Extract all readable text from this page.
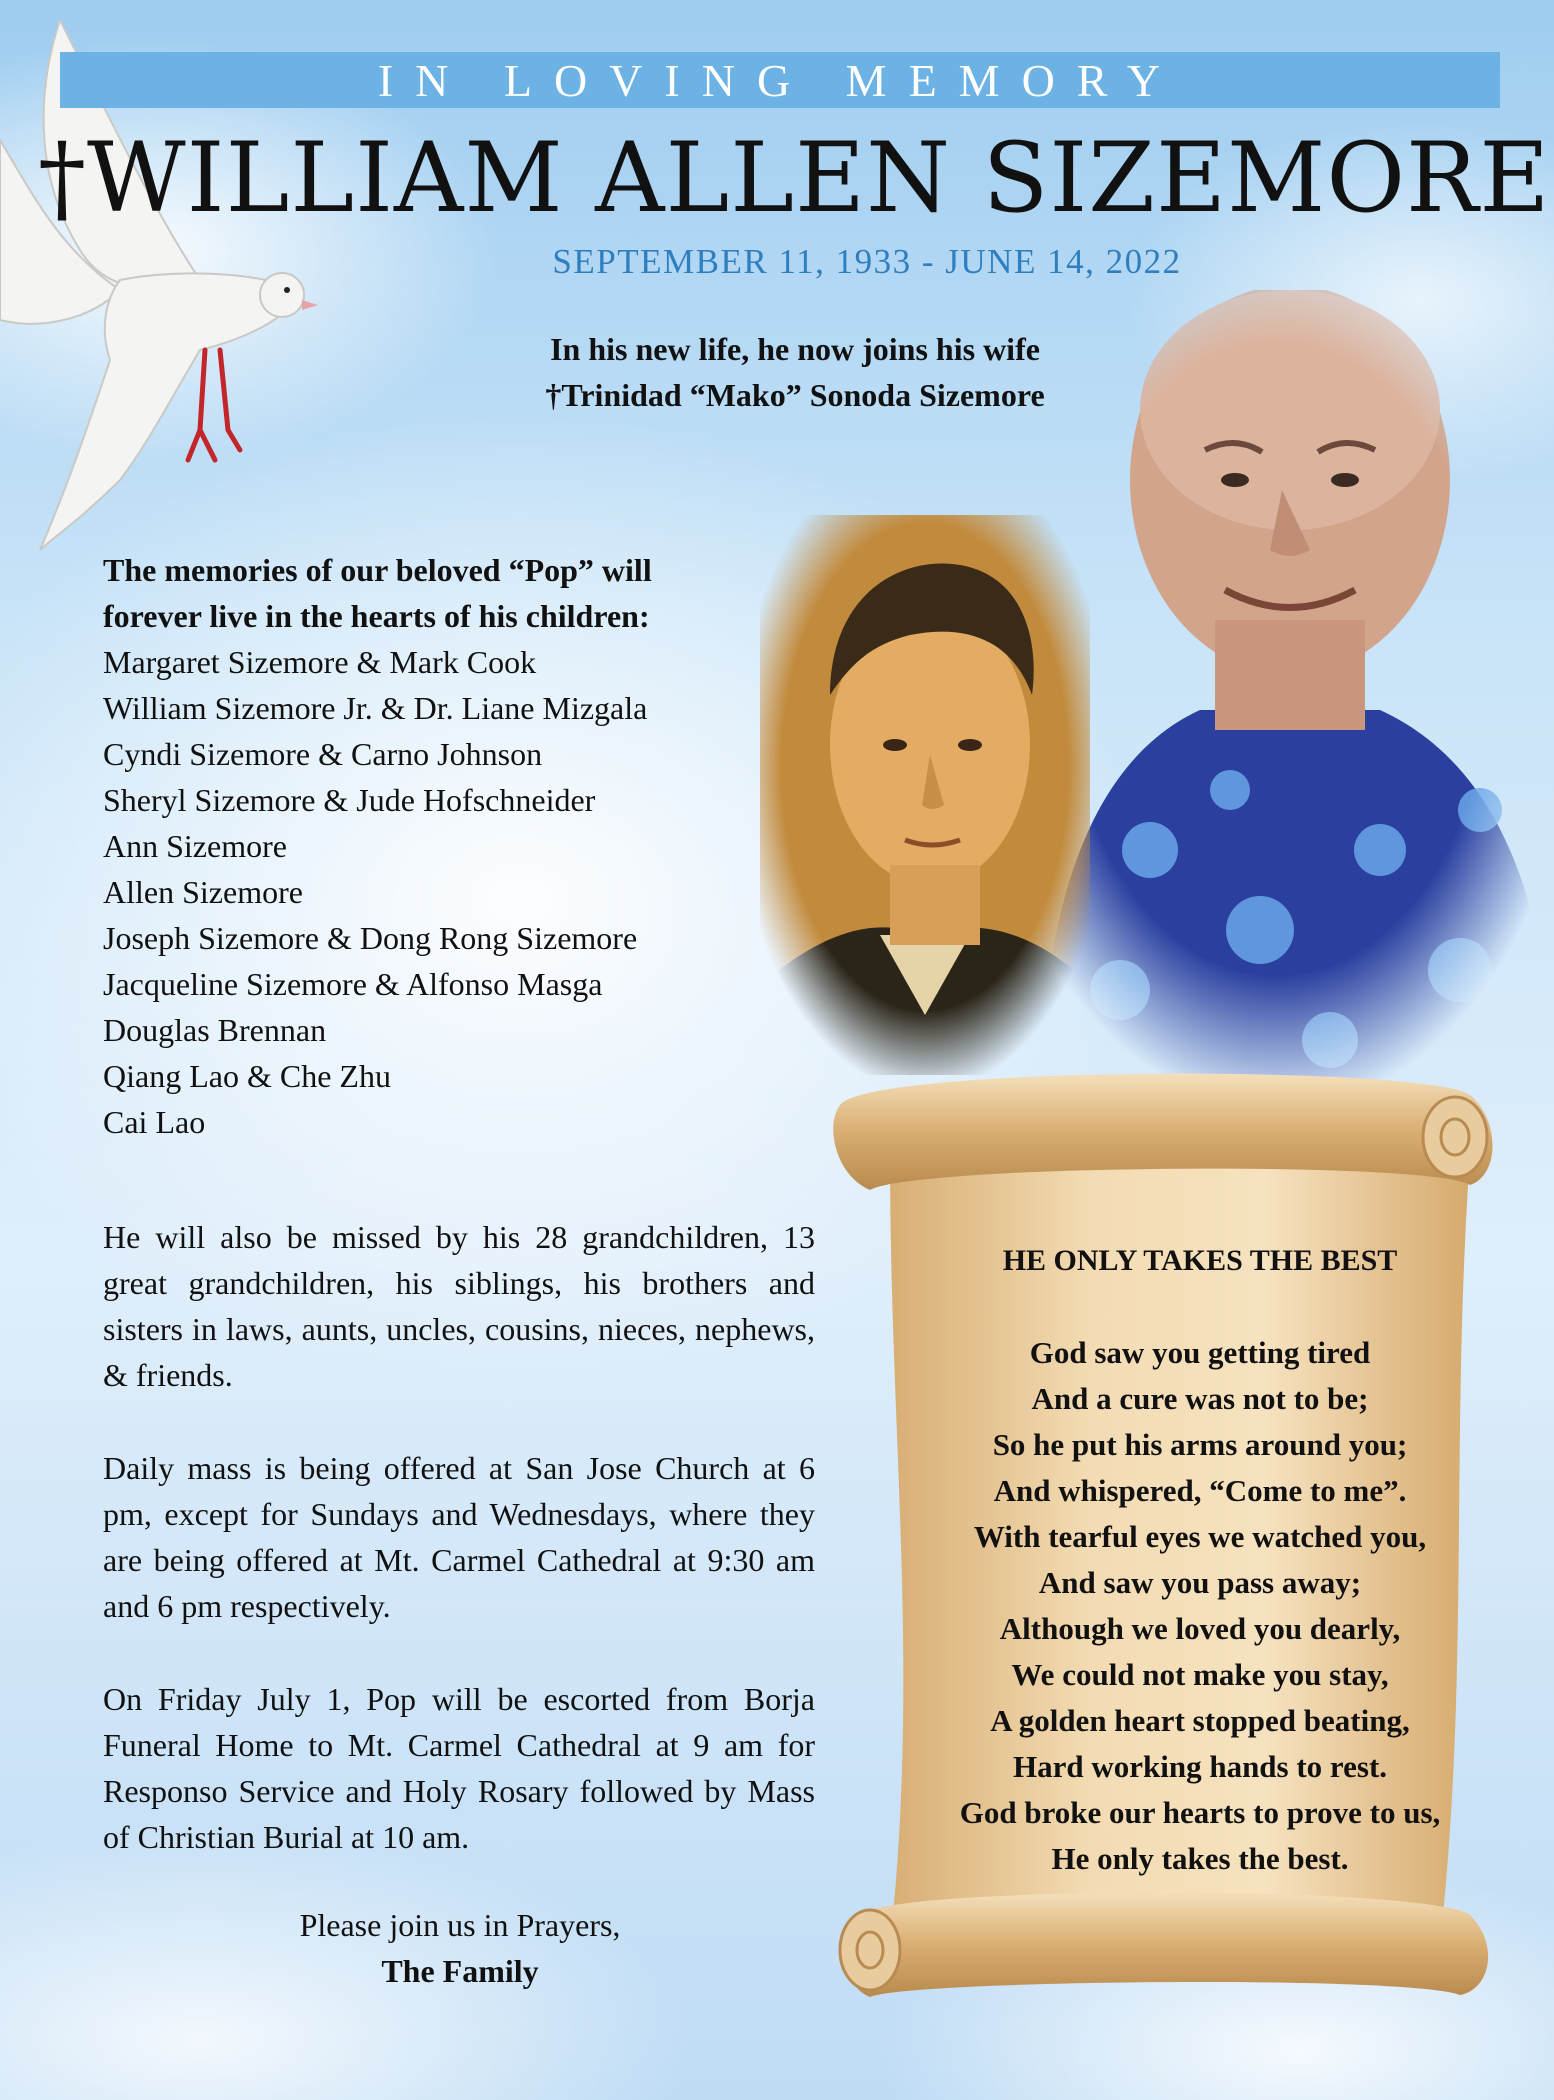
IN LOVING MEMORY
†WILLIAM ALLEN SIZEMORE
SEPTEMBER 11, 1933 - JUNE 14, 2022
In his new life, he now joins his wife
†Trinidad “Mako” Sonoda Sizemore
The memories of our beloved “Pop” will
forever live in the hearts of his children:
Margaret Sizemore & Mark Cook
William Sizemore Jr. & Dr. Liane Mizgala
Cyndi Sizemore & Carno Johnson
Sheryl Sizemore & Jude Hofschneider
Ann Sizemore
Allen Sizemore
Joseph Sizemore & Dong Rong Sizemore
Jacqueline Sizemore & Alfonso Masga
Douglas Brennan
Qiang Lao & Che Zhu
Cai Lao
He will also be missed by his 28 grandchildren, 13 great grandchildren, his siblings, his brothers and sisters in laws, aunts, uncles, cousins, nieces, nephews, & friends.
Daily mass is being offered at San Jose Church at 6 pm, except for Sundays and Wednesdays, where they are being offered at Mt. Carmel Cathedral at 9:30 am and 6 pm respectively.
On Friday July 1, Pop will be escorted from Borja Funeral Home to Mt. Carmel Cathedral at 9 am for Responso Service and Holy Rosary followed by Mass of Christian Burial at 10 am.
Please join us in Prayers,
The Family
HE ONLY TAKES THE BEST
God saw you getting tired
And a cure was not to be;
So he put his arms around you;
And whispered, “Come to me”.
With tearful eyes we watched you,
And saw you pass away;
Although we loved you dearly,
We could not make you stay,
A golden heart stopped beating,
Hard working hands to rest.
God broke our hearts to prove to us,
He only takes the best.
